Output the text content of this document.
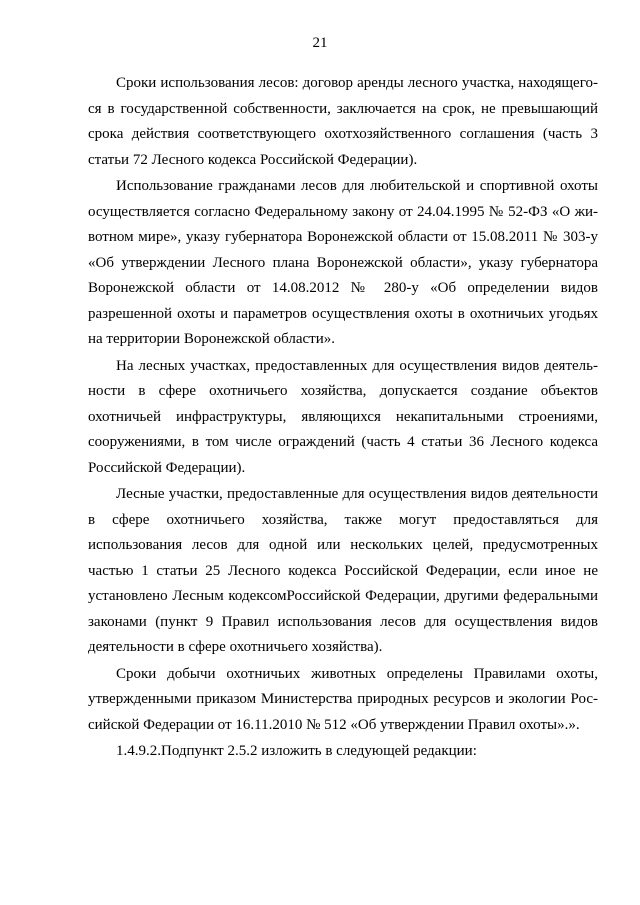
21

Сроки использования лесов: договор аренды лесного участка, находящегося в государственной собственности, заключается на срок, не превышающий срока действия соответствующего охотхозяйственного соглашения (часть 3 статьи 72 Лесного кодекса Российской Федерации).

Использование гражданами лесов для любительской и спортивной охоты осуществляется согласно Федеральному закону от 24.04.1995 № 52-ФЗ «О животном мире», указу губернатора Воронежской области от 15.08.2011 № 303-у «Об утверждении Лесного плана Воронежской области», указу губернатора Воронежской области от 14.08.2012 № 280-у «Об определении видов разрешенной охоты и параметров осуществления охоты в охотничьих угодьях на территории Воронежской области».

На лесных участках, предоставленных для осуществления видов деятельности в сфере охотничьего хозяйства, допускается создание объектов охотничьей инфраструктуры, являющихся некапитальными строениями, сооружениями, в том числе ограждений (часть 4 статьи 36 Лесного кодекса Российской Федерации).

Лесные участки, предоставленные для осуществления видов деятельности в сфере охотничьего хозяйства, также могут предоставляться для использования лесов для одной или нескольких целей, предусмотренных частью 1 статьи 25 Лесного кодекса Российской Федерации, если иное не установлено Лесным кодексомРоссийской Федерации, другими федеральными законами (пункт 9 Правил использования лесов для осуществления видов деятельности в сфере охотничьего хозяйства).

Сроки добычи охотничьих животных определены Правилами охоты, утвержденными приказом Министерства природных ресурсов и экологии Российской Федерации от 16.11.2010 № 512 «Об утверждении Правил охоты».».

1.4.9.2.Подпункт 2.5.2 изложить в следующей редакции:
